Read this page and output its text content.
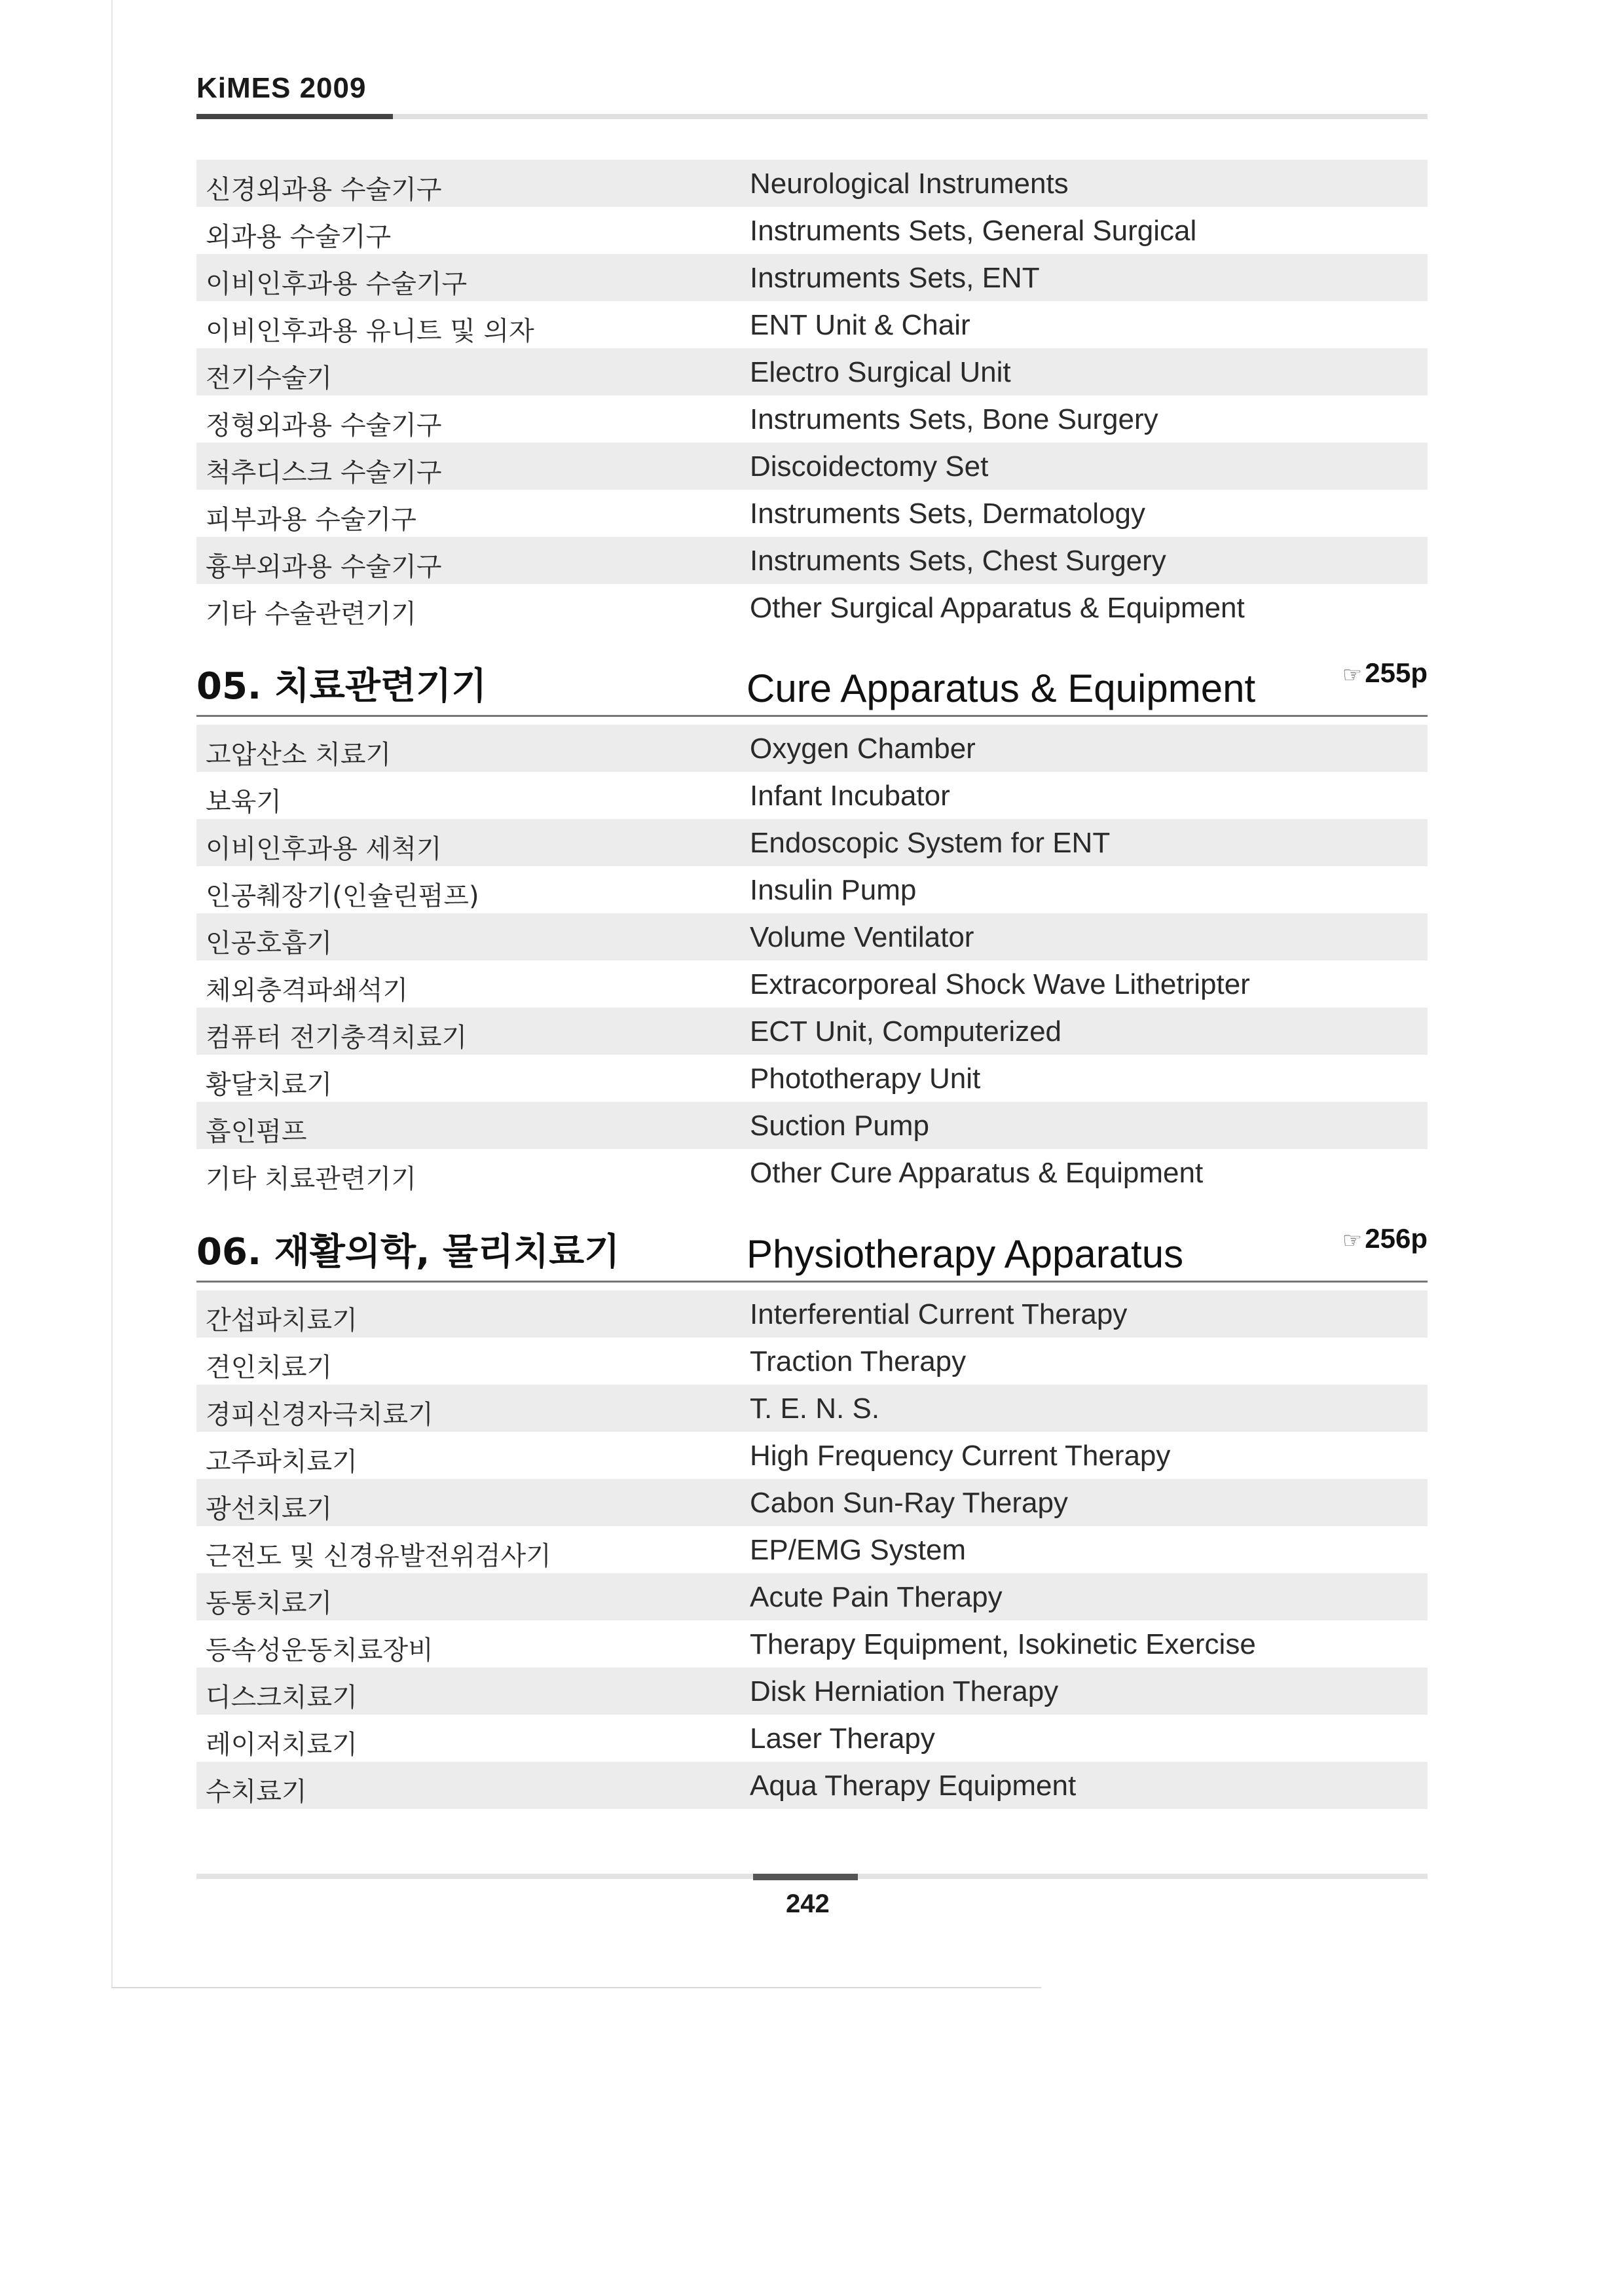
KiMES 2009
신경외과용 수술기구	Neurological Instruments
외과용 수술기구	Instruments Sets, General Surgical
이비인후과용 수술기구	Instruments Sets, ENT
이비인후과용 유니트 및 의자	ENT Unit & Chair
전기수술기	Electro Surgical Unit
정형외과용 수술기구	Instruments Sets, Bone Surgery
척추디스크 수술기구	Discoidectomy Set
피부과용 수술기구	Instruments Sets, Dermatology
흉부외과용 수술기구	Instruments Sets, Chest Surgery
기타 수술관련기기	Other Surgical Apparatus & Equipment
05. 치료관련기기	Cure Apparatus & Equipment	☞255p
고압산소 치료기	Oxygen Chamber
보육기	Infant Incubator
이비인후과용 세척기	Endoscopic System for ENT
인공췌장기(인슐린펌프)	Insulin Pump
인공호흡기	Volume Ventilator
체외충격파쇄석기	Extracorporeal Shock Wave Lithetripter
컴퓨터 전기충격치료기	ECT Unit, Computerized
황달치료기	Phototherapy Unit
흡인펌프	Suction Pump
기타 치료관련기기	Other Cure Apparatus & Equipment
06. 재활의학, 물리치료기	Physiotherapy Apparatus	☞256p
간섭파치료기	Interferential Current Therapy
견인치료기	Traction Therapy
경피신경자극치료기	T. E. N. S.
고주파치료기	High Frequency Current Therapy
광선치료기	Cabon Sun-Ray Therapy
근전도 및 신경유발전위검사기	EP/EMG System
동통치료기	Acute Pain Therapy
등속성운동치료장비	Therapy Equipment, Isokinetic Exercise
디스크치료기	Disk Herniation Therapy
레이저치료기	Laser Therapy
수치료기	Aqua Therapy Equipment
242
